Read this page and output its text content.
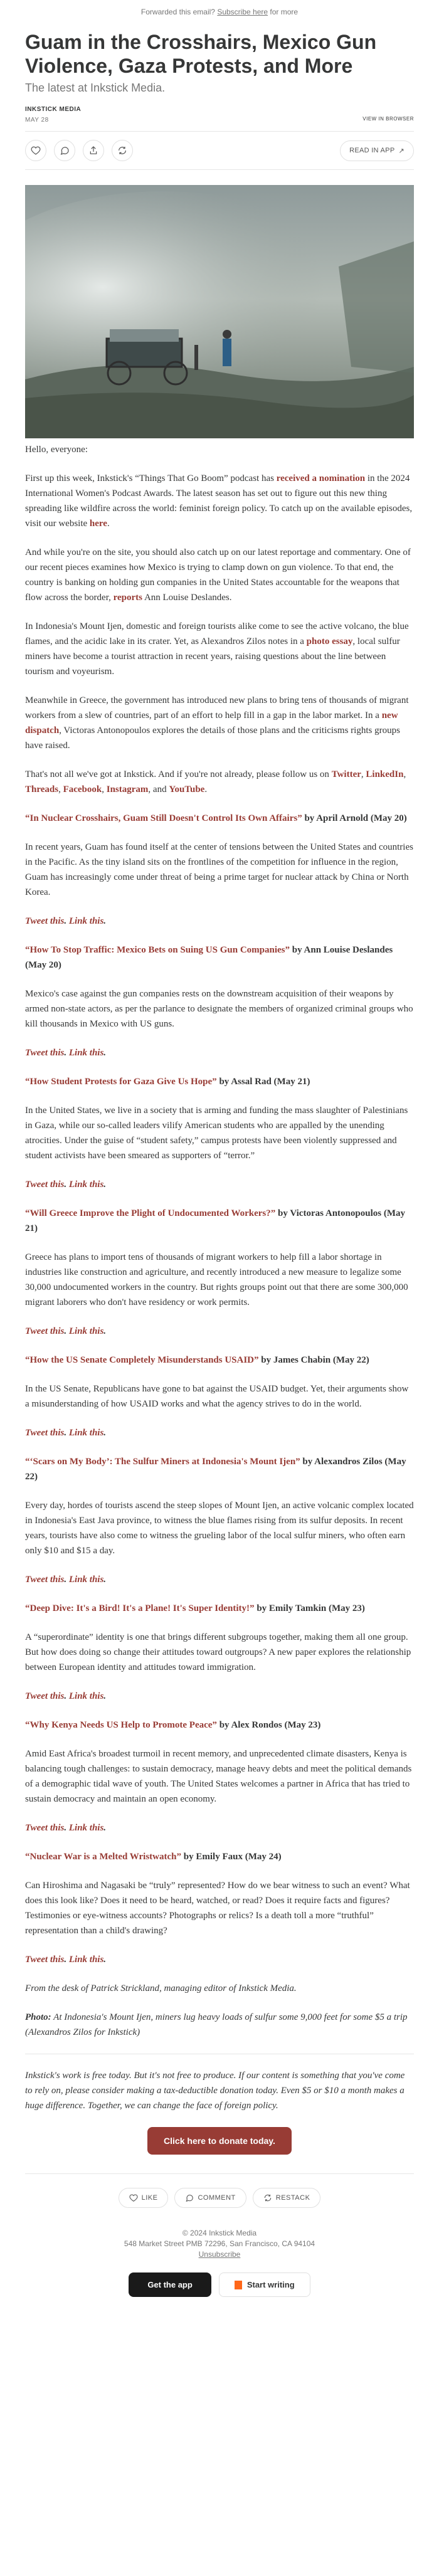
Forwarded this email? Subscribe here for more
Guam in the Crosshairs, Mexico Gun Violence, Gaza Protests, and More
The latest at Inkstick Media.
INKSTICK MEDIA
MAY 28	VIEW IN BROWSER
READ IN APP ↗

Hello, everyone:

First up this week, Inkstick's “Things That Go Boom” podcast has received a nomination in the 2024 International Women's Podcast Awards. The latest season has set out to figure out this new thing spreading like wildfire across the world: feminist foreign policy. To catch up on the available episodes, visit our website here.

And while you're on the site, you should also catch up on our latest reportage and commentary. One of our recent pieces examines how Mexico is trying to clamp down on gun violence. To that end, the country is banking on holding gun companies in the United States accountable for the weapons that flow across the border, reports Ann Louise Deslandes.

In Indonesia's Mount Ijen, domestic and foreign tourists alike come to see the active volcano, the blue flames, and the acidic lake in its crater. Yet, as Alexandros Zilos notes in a photo essay, local sulfur miners have become a tourist attraction in recent years, raising questions about the line between tourism and voyeurism.

Meanwhile in Greece, the government has introduced new plans to bring tens of thousands of migrant workers from a slew of countries, part of an effort to help fill in a gap in the labor market. In a new dispatch, Victoras Antonopoulos explores the details of those plans and the criticisms rights groups have raised.

That's not all we've got at Inkstick. And if you're not already, please follow us on Twitter, LinkedIn, Threads, Facebook, Instagram, and YouTube.

“In Nuclear Crosshairs, Guam Still Doesn't Control Its Own Affairs” by April Arnold (May 20)

In recent years, Guam has found itself at the center of tensions between the United States and countries in the Pacific. As the tiny island sits on the frontlines of the competition for influence in the region, Guam has increasingly come under threat of being a prime target for nuclear attack by China or North Korea.

Tweet this. Link this.

“How To Stop Traffic: Mexico Bets on Suing US Gun Companies” by Ann Louise Deslandes (May 20)

Mexico's case against the gun companies rests on the downstream acquisition of their weapons by armed non-state actors, as per the parlance to designate the members of organized criminal groups who kill thousands in Mexico with US guns.

Tweet this. Link this.

“How Student Protests for Gaza Give Us Hope” by Assal Rad (May 21)

In the United States, we live in a society that is arming and funding the mass slaughter of Palestinians in Gaza, while our so-called leaders vilify American students who are appalled by the unending atrocities. Under the guise of “student safety,” campus protests have been violently suppressed and student activists have been smeared as supporters of “terror.”

Tweet this. Link this.

“Will Greece Improve the Plight of Undocumented Workers?” by Victoras Antonopoulos (May 21)

Greece has plans to import tens of thousands of migrant workers to help fill a labor shortage in industries like construction and agriculture, and recently introduced a new measure to legalize some 30,000 undocumented workers in the country. But rights groups point out that there are some 300,000 migrant laborers who don't have residency or work permits.

Tweet this. Link this.

“How the US Senate Completely Misunderstands USAID” by James Chabin (May 22)

In the US Senate, Republicans have gone to bat against the USAID budget. Yet, their arguments show a misunderstanding of how USAID works and what the agency strives to do in the world.

Tweet this. Link this.

“‘Scars on My Body’: The Sulfur Miners at Indonesia's Mount Ijen” by Alexandros Zilos (May 22)

Every day, hordes of tourists ascend the steep slopes of Mount Ijen, an active volcanic complex located in Indonesia's East Java province, to witness the blue flames rising from its sulfur deposits. In recent years, tourists have also come to witness the grueling labor of the local sulfur miners, who often earn only $10 and $15 a day.

Tweet this. Link this.

“Deep Dive: It's a Bird! It's a Plane! It's Super Identity!” by Emily Tamkin (May 23)

A “superordinate” identity is one that brings different subgroups together, making them all one group. But how does doing so change their attitudes toward outgroups? A new paper explores the relationship between European identity and attitudes toward immigration.

Tweet this. Link this.

“Why Kenya Needs US Help to Promote Peace” by Alex Rondos (May 23)

Amid East Africa's broadest turmoil in recent memory, and unprecedented climate disasters, Kenya is balancing tough challenges: to sustain democracy, manage heavy debts and meet the political demands of a demographic tidal wave of youth. The United States welcomes a partner in Africa that has tried to sustain democracy and maintain an open economy.

Tweet this. Link this.

“Nuclear War is a Melted Wristwatch” by Emily Faux (May 24)

Can Hiroshima and Nagasaki be “truly” represented? How do we bear witness to such an event? What does this look like? Does it need to be heard, watched, or read? Does it require facts and figures? Testimonies or eye-witness accounts? Photographs or relics? Is a death toll a more “truthful” representation than a child's drawing?

Tweet this. Link this.

From the desk of Patrick Strickland, managing editor of Inkstick Media.

Photo: At Indonesia's Mount Ijen, miners lug heavy loads of sulfur some 9,000 feet for some $5 a trip (Alexandros Zilos for Inkstick)

Inkstick's work is free today. But it's not free to produce. If our content is something that you've come to rely on, please consider making a tax-deductible donation today. Even $5 or $10 a month makes a huge difference. Together, we can change the face of foreign policy.

Click here to donate today.
LIKE	COMMENT	RESTACK
© 2024 Inkstick Media
548 Market Street PMB 72296, San Francisco, CA 94104
Unsubscribe
Get the app	Start writing
